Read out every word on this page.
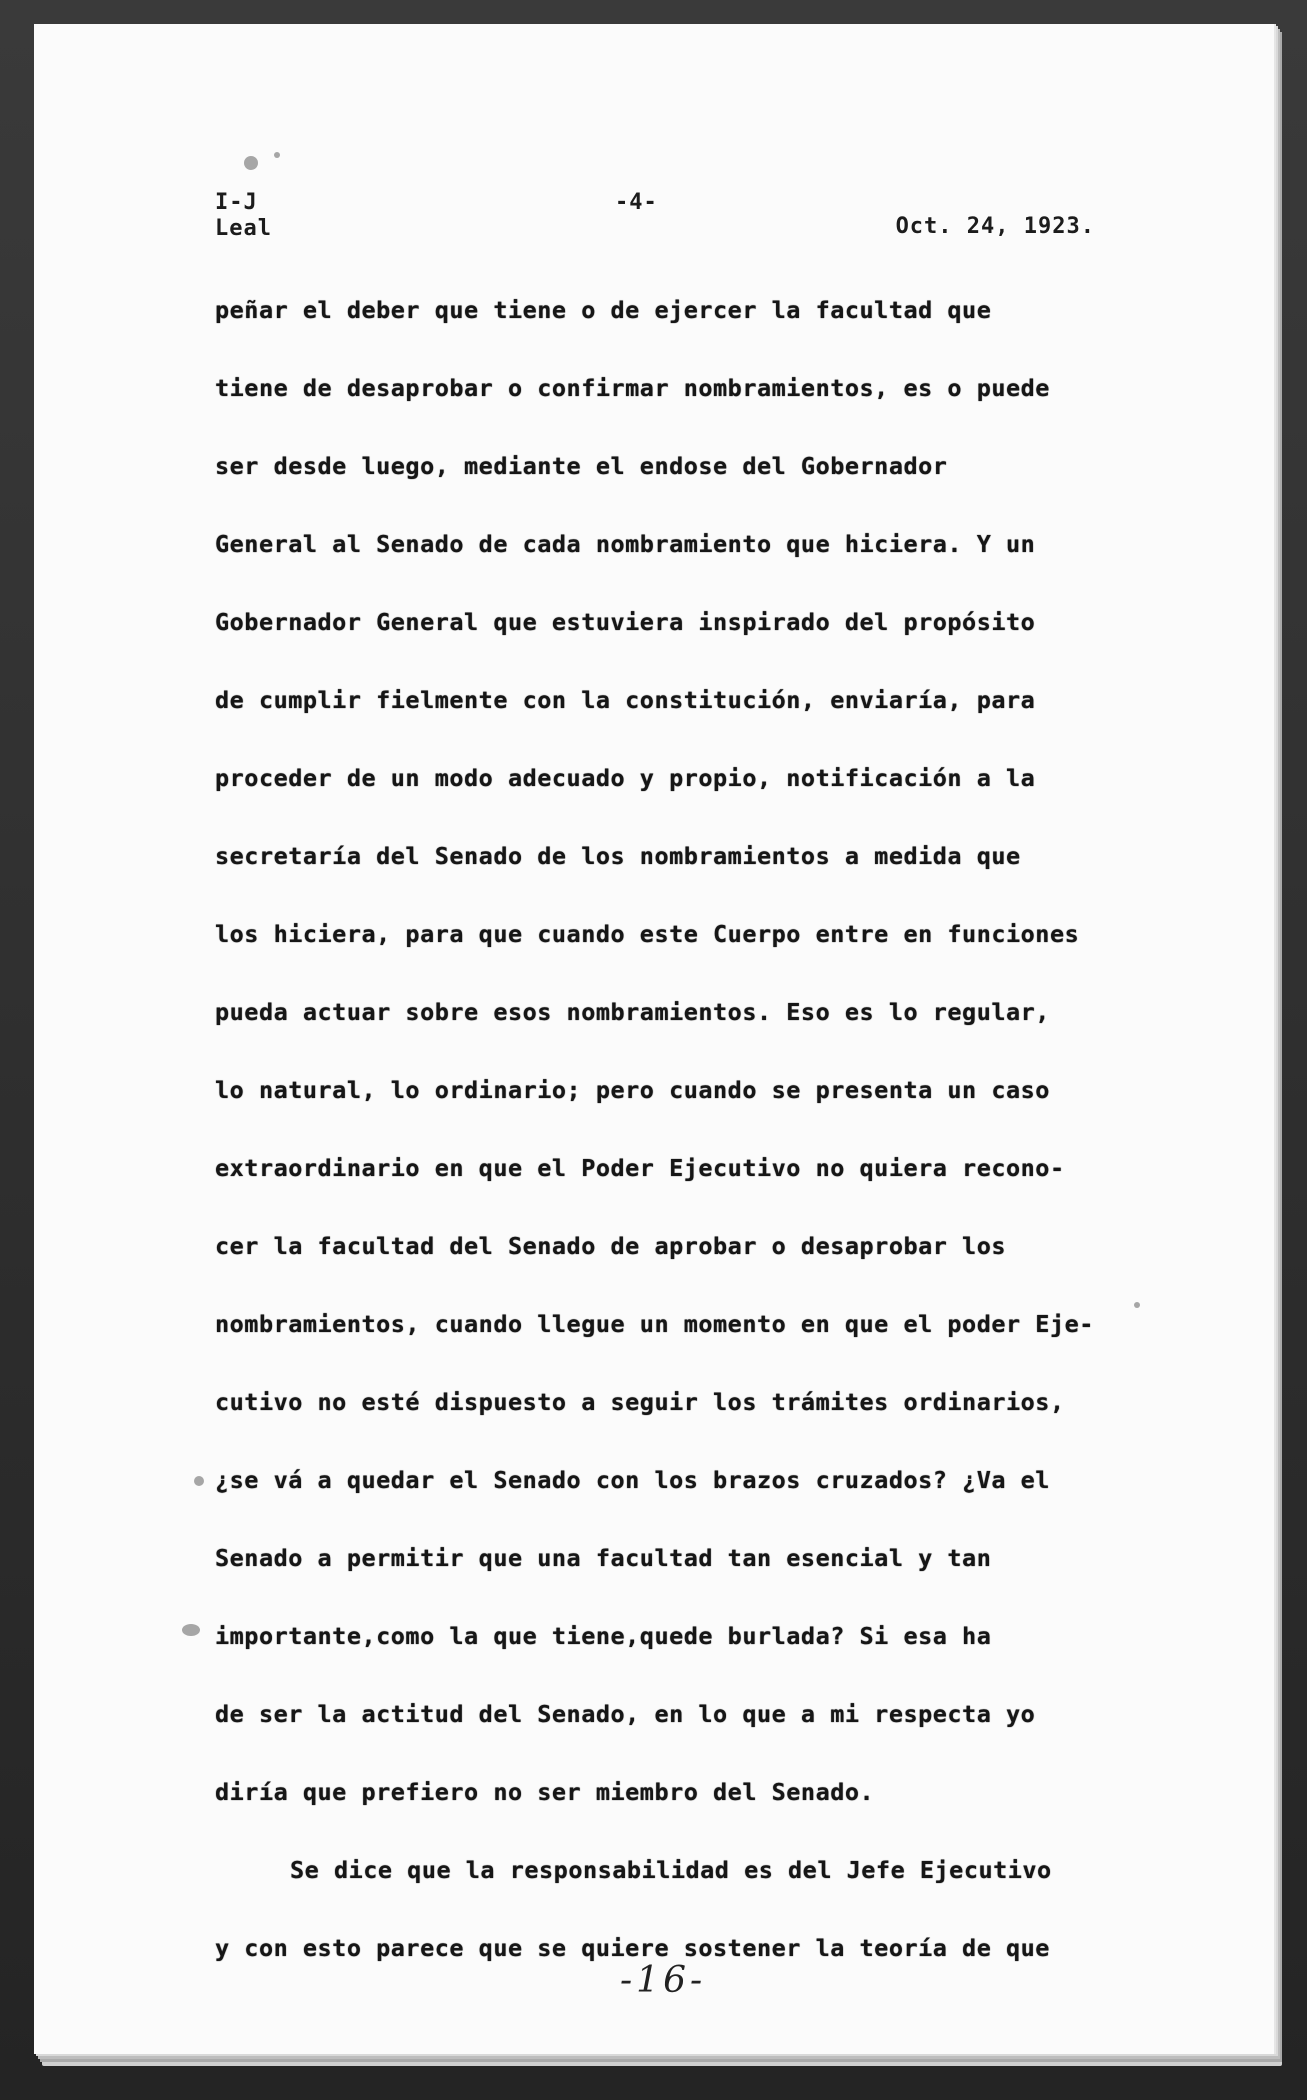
I-J
Leal
-4-
Oct. 24, 1923.
peñar el deber que tiene o de ejercer la facultad que
tiene de desaprobar o confirmar nombramientos, es o puede
ser desde luego, mediante el endose del Gobernador
General al Senado de cada nombramiento que hiciera. Y un
Gobernador General que estuviera inspirado del propósito
de cumplir fielmente con la constitución, enviaría, para
proceder de un modo adecuado y propio, notificación a la
secretaría del Senado de los nombramientos a medida que
los hiciera, para que cuando este Cuerpo entre en funciones
pueda actuar sobre esos nombramientos. Eso es lo regular,
lo natural, lo ordinario; pero cuando se presenta un caso
extraordinario en que el Poder Ejecutivo no quiera recono-
cer la facultad del Senado de aprobar o desaprobar los
nombramientos, cuando llegue un momento en que el poder Eje-
cutivo no esté dispuesto a seguir los trámites ordinarios,
¿se vá a quedar el Senado con los brazos cruzados? ¿Va el
Senado a permitir que una facultad tan esencial y tan
importante,como la que tiene,quede burlada? Si esa ha
de ser la actitud del Senado, en lo que a mi respecta yo
diría que prefiero no ser miembro del Senado.
Se dice que la responsabilidad es del Jefe Ejecutivo
y con esto parece que se quiere sostener la teoría de que
-16-
